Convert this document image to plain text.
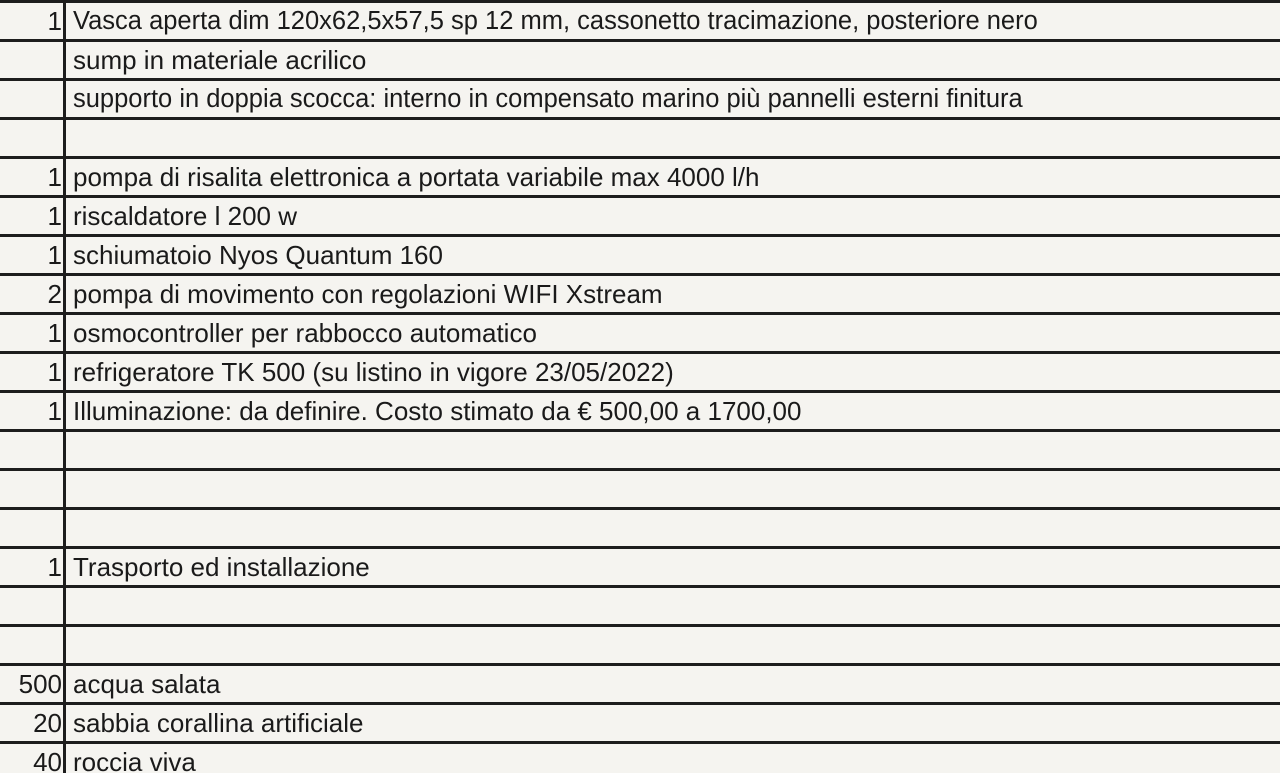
1 Vasca aperta dim 120x62,5x57,5 sp 12 mm, cassonetto tracimazione, posteriore nero
sump in materiale acrilico
supporto in doppia scocca: interno in compensato marino più pannelli esterni finitura
1 pompa di risalita elettronica a portata variabile max 4000 l/h
1 riscaldatore l 200 w
1 schiumatoio Nyos Quantum 160
2 pompa di movimento con regolazioni WIFI Xstream
1 osmocontroller per rabbocco automatico
1 refrigeratore TK 500 (su listino in vigore 23/05/2022)
1 Illuminazione: da definire. Costo stimato da € 500,00 a 1700,00
1 Trasporto ed installazione
500 acqua salata
20 sabbia corallina artificiale
40 roccia viva
